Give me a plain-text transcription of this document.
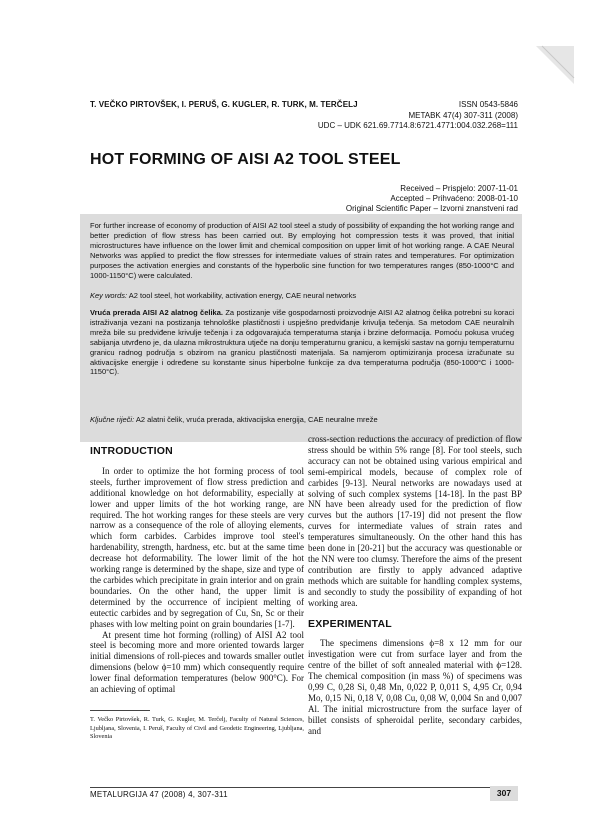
T. VEČKO PIRTOVŠEK, I. PERUŠ, G. KUGLER, R. TURK, M. TERČELJ	ISSN 0543-5846
METABK 47(4) 307-311 (2008)
UDC – UDK 621.69.7714.8:6721.4771:004.032.268=111
HOT FORMING OF AISI A2 TOOL STEEL
Received – Prispjelo: 2007-11-01
Accepted – Prihvaćeno: 2008-01-10
Original Scientific Paper – Izvorni znanstveni rad
For further increase of economy of production of AISI A2 tool steel a study of possibility of expanding the hot working range and better prediction of flow stress has been carried out. By employing hot compression tests it was proved, that initial microstructures have influence on the lower limit and chemical composition on upper limit of hot working range. A CAE Neural Networks was applied to predict the flow stresses for intermediate values of strain rates and temperatures. For optimization purposes the activation energies and constants of the hyperbolic sine function for two temperatures ranges (850-1000°C and 1000-1150°C) were calculated.
Key words: A2 tool steel, hot workability, activation energy, CAE neural networks
Vruća prerada AISI A2 alatnog čelika. Za postizanje više gospodarnosti proizvodnje AISI A2 alatnog čelika potrebni su koraci istraživanja vezani na postizanja tehnološke plastičnosti i uspješno predviđanje krivulja tečenja. Sa metodom CAE neuralnih mreža bile su predviđene krivulje tečenja i za odgovarajuća temperaturna stanja i brzine deformacija. Pomoću pokusa vrućeg sabijanja utvrđeno je, da ulazna mikrostruktura utječe na donju temperaturnu granicu, a kemijski sastav na gornju temperaturnu granicu radnog područja s obzirom na granicu plastičnosti materijala. Sa namjerom optimiziranja procesa izračunate su aktivacijske energije i određene su konstante sinus hiperbolne funkcije za dva temperaturna područja (850-1000°C i 1000-1150°C).
Ključne riječi: A2 alatni čelik, vruća prerada, aktivacijska energija, CAE neuralne mreže
INTRODUCTION

In order to optimize the hot forming process of tool steels, further improvement of flow stress prediction and additional knowledge on hot deformability, especially at lower and upper limits of the hot working range, are required. The hot working ranges for these steels are very narrow as a consequence of the role of alloying elements, which form carbides. Carbides improve tool steel's hardenability, strength, hardness, etc. but at the same time decrease hot deformability. The lower limit of the hot working range is determined by the shape, size and type of the carbides which precipitate in grain interior and on grain boundaries. On the other hand, the upper limit is determined by the occurrence of incipient melting of eutectic carbides and by segregation of Cu, Sn, Sc or their phases with low melting point on grain boundaries [1-7].

At present time hot forming (rolling) of AISI A2 tool steel is becoming more and more oriented towards larger initial dimensions of roll-pieces and towards smaller outlet dimensions (below ϕ=10 mm) which consequently require lower final deformation temperatures (below 900°C). For an achieving of optimal

cross-section reductions the accuracy of prediction of flow stress should be within 5% range [8]. For tool steels, such accuracy can not be obtained using various empirical and semi-empirical models, because of complex role of carbides [9-13]. Neural networks are nowadays used at solving of such complex systems [14-18]. In the past BP NN have been already used for the prediction of flow curves but the authors [17-19] did not present the flow curves for intermediate values of strain rates and temperatures simultaneously. On the other hand this has been done in [20-21] but the accuracy was questionable or the NN were too clumsy. Therefore the aims of the present contribution are firstly to apply advanced adaptive methods which are suitable for handling complex systems, and secondly to study the possibility of expanding of hot working area.

EXPERIMENTAL

The specimens dimensions ϕ=8 x 12 mm for our investigation were cut from surface layer and from the centre of the billet of soft annealed material with ϕ=128. The chemical composition (in mass %) of specimens was 0,99 C, 0,28 Si, 0,48 Mn, 0,022 P, 0,011 S, 4,95 Cr, 0,94 Mo, 0,15 Ni, 0,18 V, 0,08 Cu, 0,08 W, 0,004 Sn and 0,007 Al. The initial microstructure from the surface layer of billet consists of spheroidal perlite, secondary carbides, and

T. Večko Pirtovšek, R. Turk, G. Kugler, M. Terčelj, Faculty of Natural Sciences, Ljubljana, Slovenia, I. Peruš, Faculty of Civil and Geodetic Engineering, Ljubljana, Slovenia
METALURGIJA 47 (2008) 4, 307-311	307
